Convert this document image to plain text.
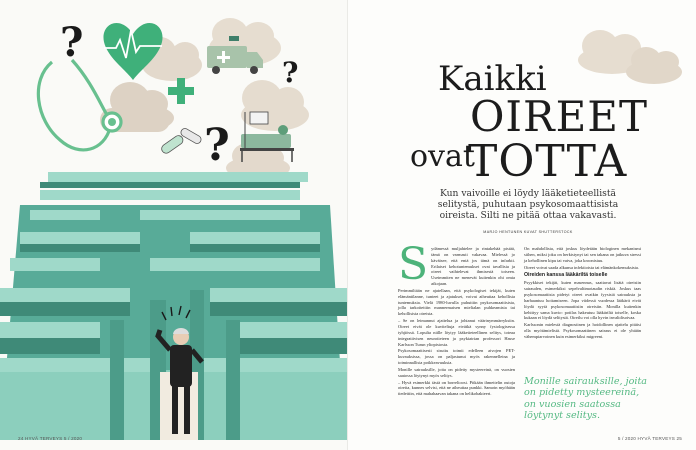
?
?
?
24 HYVÄ TERVEYS 5 / 2020
Kaikki
OIREET
ovat
TOTTA
Kun vaivoille ei löydy lääketieteellistä selitystä, puhutaan psykosomaattisista oireista. Silti ne pitää ottaa vakavasti.
MARJO HENTUNEN KUVAT SHUTTERSTOCK

Sydämessä muljahtelee ja rintakehää pistää, tämä on varmasti vakavaa. Mielessä jo käväisee, että entä jos tämä on infarkti. Erilaiset kehotuntemukset ovat tavallisia ja oireet vaihtelevat ihmisestä toiseen. Useimmiten ne menevät kuitenkin ohi omia aikojaan.

Perimmiltään ne ajatellaan, että psykologiset tekijät, kuten elämäntilanne, tunteet ja ajatukset, voivat aiheuttaa kehollisia tuntemuksia. Vielä 1980-luvulla puhuttiin psykosomaattisista, jolla tarkoitettiin mannermaisen mielialan puhkeamista tai kehollisista oireista.

– Se on leimannut ajattelua ja johtanut väärinymmärryksiin. Oireet eivät ole kuviteltuja eivätkä synny fysiologisessa tyhjiössä. Lopulta niille löytyy lääketieteellinen selitys, toteaa integratiivisen neurotieteen ja psykiatrian professori Hasse Karlsson Turun yliopistosta.

Psykosomaattisesti sisuttu toimii edelleen aivojen PET-kuvauksissa, jossa on paljastunut myös rakennelleina ja toiminnallisia poikkeavuuksia.

Monille sairauksille, joita on pidetty mysteereinä, on vuosien saatossa löytynyt myös selitys.

– Hyvä esimerkki tästä on borrelioosi. Pitkään ihmettelin outoja oireita, kunnes selvisi, että ne aiheuttaa punkki. Samoin myöhään tiedettiin, että mahahaavan takana on helikobakteeri.

On mahdollista, että joskus löydetään biologinen mekanismi siihen, miksi joku on herkistynyt tai sen takana on jatkuva stressi ja kehollinen kipu tai vaiva, joka kroonistuu.

Oireet voivat saada alkunsa infektioista tai elämänkokemuksista.

Oireiden kanssa lääkäriltä toiselle

Psyykkiset tekijät, kuten masennus, saattavat lisätä oireisiin sairauden, esimerkiksi sepelvaltimotaudin riskiä. Joskus taas psykosomaattisia pidetyt oireet ovatkin fyysisiä sairauksia ja harhaantuu hoitamiseen. Jopa viidessä vuodessa lääkärit eivät löydä syytä psykosomaattisiin oireisiin. Monilla kuitenkin kehittyy sama kuvio: potilas hakeutuu lääkäriltä toiselle, koska kukaan ei löydä selitystä. Oireilu voi olla hyvin invalidisoivaa.

Karlssonin mielestä diagnostinen ja hoidollinen ajattelu pitäisi olla myötämielistä. Psykosomaattinen sairaus ei ole yhtään vähempiarvoinen kuin esimerkiksi migreeni.

Monille sairauksille, joita on pidetty mysteereinä, on vuosien saatossa löytynyt selitys.
5 / 2020 HYVÄ TERVEYS 25
